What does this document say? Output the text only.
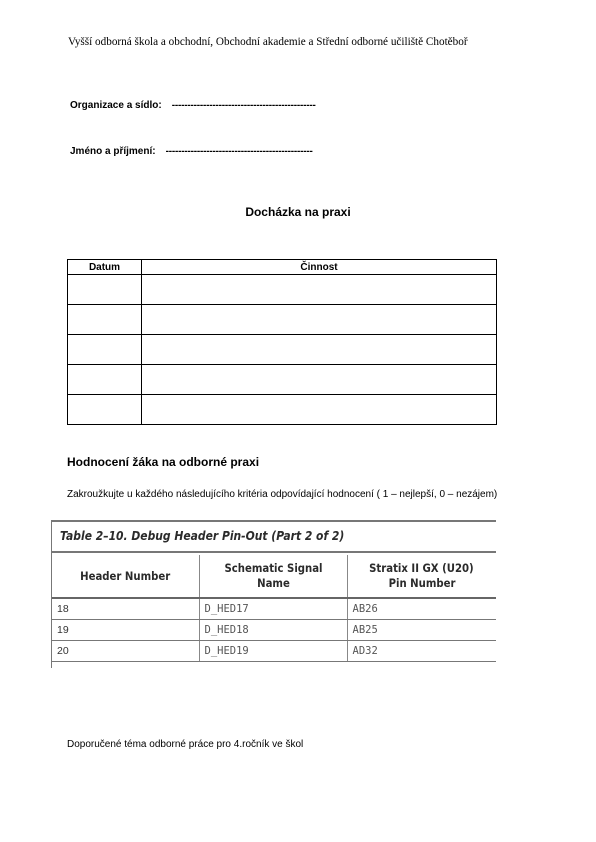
Vyšší odborná škola a obchodní, Obchodní akademie a Střední odborné učiliště Chotěboř
Organizace a sídlo: ----------------------------------------------
Jméno a příjmení: -----------------------------------------------
Docházka na praxi
Datum	Činnost

Hodnocení žáka na odborné praxi
Zakroužkujte u každého následujícího kritéria odpovídající hodnocení ( 1 – nejlepší, 0 – nezájem)
Table 2–10. Debug Header Pin-Out (Part 2 of 2)
Header Number	Schematic Signal Name	Stratix II GX (U20)
Pin Number
18	D_HED17	AB26
19	D_HED18	AB25
20	D_HED19	AD32
Doporučené téma odborné práce pro 4.ročník ve škol
